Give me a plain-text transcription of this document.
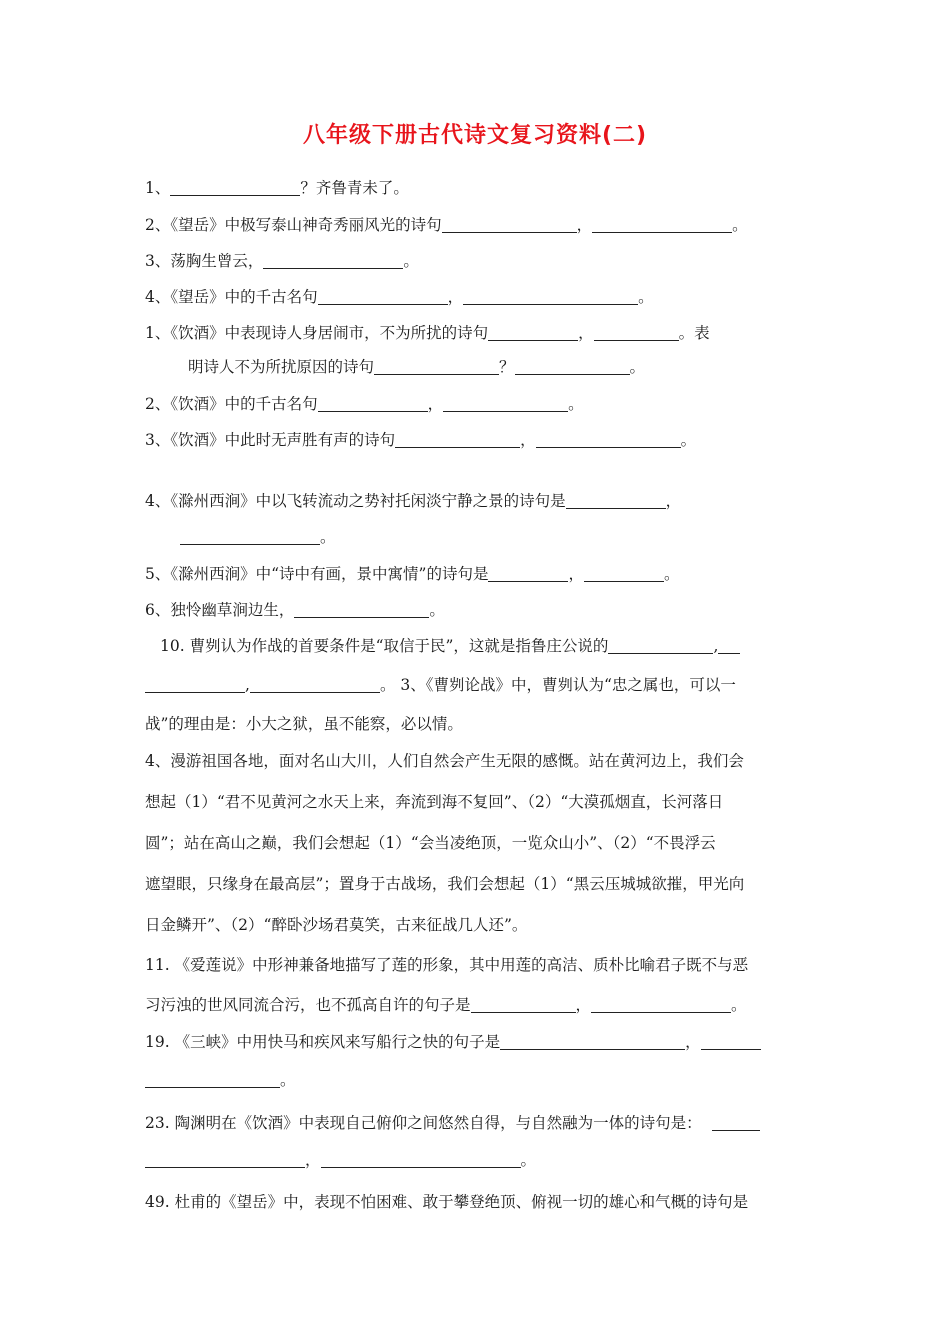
八年级下册古代诗文复习资料(二)
1、	？齐鲁青未了。
2、《望岳》中极写泰山神奇秀丽风光的诗句	，	。
3、荡胸生曾云，	。
4、《望岳》中的千古名句	，	。
1、《饮酒》中表现诗人身居闹市，不为所扰的诗句	，	。表
明诗人不为所扰原因的诗句	？	。
2、《饮酒》中的千古名句	，	。
3、《饮酒》中此时无声胜有声的诗句	，	。
4、《滁州西涧》中以飞转流动之势衬托闲淡宁静之景的诗句是	，
。
5、《滁州西涧》中“诗中有画，景中寓情”的诗句是	，	。
6、独怜幽草涧边生，	。
10. 曹刿认为作战的首要条件是“取信于民”，这就是指鲁庄公说的	,
,	。 3、《曹刿论战》中，曹刿认为“忠之属也，可以一
战”的理由是：小大之狱，虽不能察，必以情。
4、漫游祖国各地，面对名山大川，人们自然会产生无限的感慨。站在黄河边上，我们会
想起（1）“君不见黄河之水天上来，奔流到海不复回”、（2）“大漠孤烟直，长河落日
圆”；站在高山之巅，我们会想起（1）“会当凌绝顶，一览众山小”、（2）“不畏浮云
遮望眼，只缘身在最高层”；置身于古战场，我们会想起（1）“黑云压城城欲摧，甲光向
日金鳞开”、（2）“醉卧沙场君莫笑，古来征战几人还”。
11. 《爱莲说》中形神兼备地描写了莲的形象，其中用莲的高洁、质朴比喻君子既不与恶
习污浊的世风同流合污，也不孤高自许的句子是	，	。
19. 《三峡》中用快马和疾风来写船行之快的句子是	，
。
23. 陶渊明在《饮酒》中表现自己俯仰之间悠然自得，与自然融为一体的诗句是：
，	。
49. 杜甫的《望岳》中，表现不怕困难、敢于攀登绝顶、俯视一切的雄心和气概的诗句是
